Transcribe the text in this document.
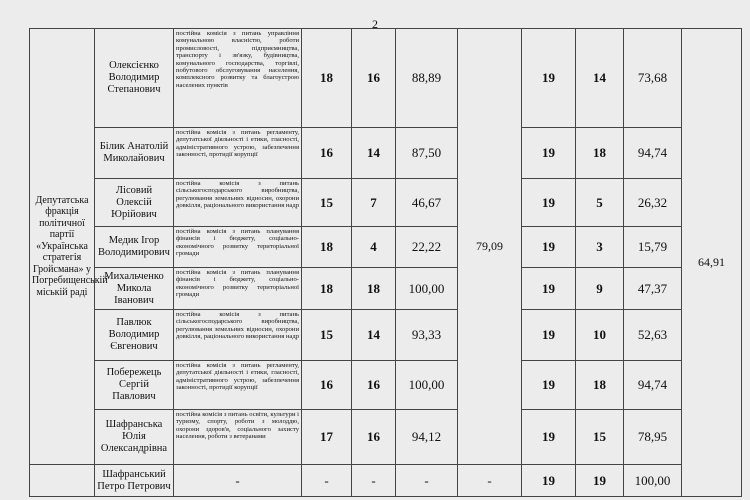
2
Депутатська фракція політичної партії «Українська стратегія Гройсмана» у Погребищенській міській раді	Олексієнко Володимир Степанович	постійна комісія з питань управління комунальною власністю, роботи промисловості, підприємництва, транспорту і зв'язку, будівництва, комунального господарства, торгівлі, побутового обслуговування населення, комплексного розвитку та благоустрою населених пунктів	18	16	88,89	79,09	19	14	73,68	64,91
	Білик Анатолій Миколайович	постійна комісія з питань регламенту, депутатської діяльності і етики, гласності, адміністративного устрою, забезпечення законності, протидії корупції	16	14	87,50		19	18	94,74	
	Лісовий Олексій Юрійович	постійна комісія з питань сільськогосподарського виробництва, регулювання земельних відносин, охорони довкілля, раціонального використання надр	15	7	46,67		19	5	26,32	
	Медик Ігор Володимирович	постійна комісія з питань планування фінансів і бюджету, соціально-економічного розвитку територіальної громади	18	4	22,22		19	3	15,79	
	Михальченко Микола Іванович	постійна комісія з питань планування фінансів і бюджету, соціально-економічного розвитку територіальної громади	18	18	100,00		19	9	47,37	
	Павлюк Володимир Євгенович	постійна комісія з питань сільськогосподарського виробництва, регулювання земельних відносин, охорони довкілля, раціонального використання надр	15	14	93,33		19	10	52,63	
	Побережець Сергій Павлович	постійна комісія з питань регламенту, депутатської діяльності і етики, гласності, адміністративного устрою, забезпечення законності, протидії корупції	16	16	100,00		19	18	94,74	
	Шафранська Юлія Олександрівна	постійна комісія з питань освіти, культури і туризму, спорту, роботи з молоддю, охорони здоров'я, соціального захисту населення, роботи з ветеранами	17	16	94,12		19	15	78,95	
	Шафранський Петро Петрович	-	-	-	-	-	19	19	100,00	
